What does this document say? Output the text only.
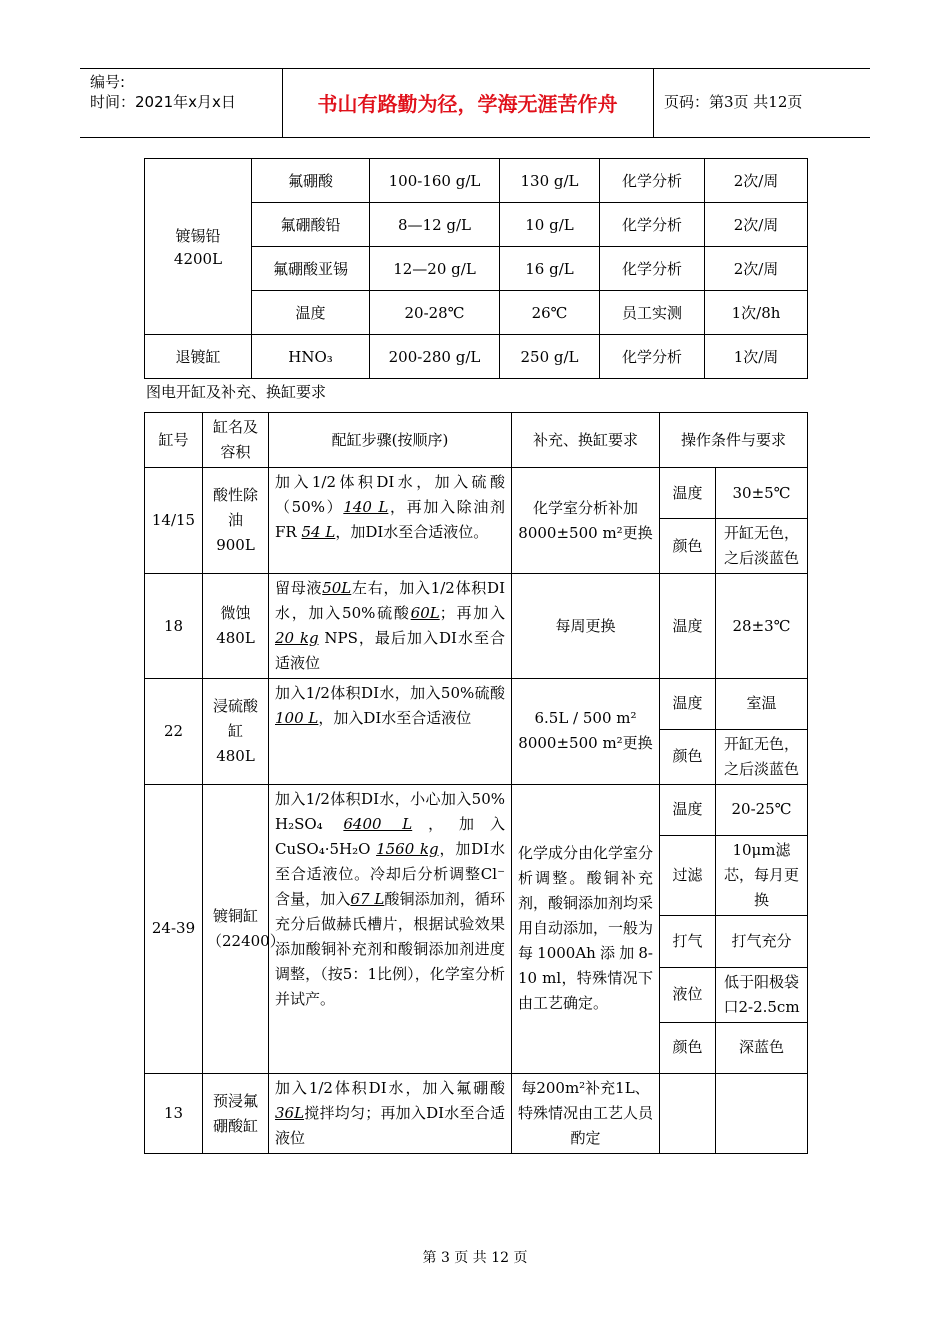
编号:
时间：2021年x月x日	书山有路勤为径，学海无涯苦作舟	页码：第3页 共12页
镀锡铅
4200L	氟硼酸	100-160 g/L	130 g/L	化学分析	2次/周
	氟硼酸铅	8—12 g/L	10 g/L	化学分析	2次/周
	氟硼酸亚锡	12—20 g/L	16 g/L	化学分析	2次/周
	温度	20-28℃	26℃	员工实测	1次/8h
退镀缸	HNO₃	200-280 g/L	250 g/L	化学分析	1次/周
图电开缸及补充、换缸要求
缸号	缸名及容积	配缸步骤(按顺序)	补充、换缸要求	操作条件与要求	
14/15	酸性除油 900L	加入1/2体积DI水，加入硫酸（50%）140 L，再加入除油剂FR 54 L，加DI水至合适液位。	化学室分析补加8000±500 m²更换	温度	30±5℃
				颜色	开缸无色，之后淡蓝色
18	微蚀 480L	留母液50L左右，加入1/2体积DI水，加入50%硫酸60L；再加入20 kg NPS，最后加入DI水至合适液位	每周更换	温度	28±3℃
22	浸硫酸缸 480L	加入1/2体积DI水，加入50%硫酸100 L，加入DI水至合适液位	6.5L / 500 m² 8000±500 m²更换	温度	室温
				颜色	开缸无色，之后淡蓝色
24-39	镀铜缸（22400）	加入1/2体积DI水，小心加入50% H₂SO₄ 6400 L，加入CuSO₄·5H₂O 1560 kg，加DI水至合适液位。冷却后分析调整Cl⁻含量，加入67 L酸铜添加剂，循环充分后做赫氏槽片，根据试验效果添加酸铜补充剂和酸铜添加剂进度调整，（按5：1比例），化学室分析并试产。	化学成分由化学室分析调整。酸铜补充剂，酸铜添加剂均采用自动添加，一般为每1000Ah添加8-10 ml，特殊情况下由工艺确定。	温度	20-25℃
				过滤	10μm滤芯，每月更换
				打气	打气充分
				液位	低于阳极袋口2-2.5cm
				颜色	深蓝色
13	预浸氟硼酸缸	加入1/2体积DI水，加入氟硼酸 36L搅拌均匀；再加入DI水至合适液位	每200m²补充1L、特殊情况由工艺人员酌定		
第 3 页 共 12 页
